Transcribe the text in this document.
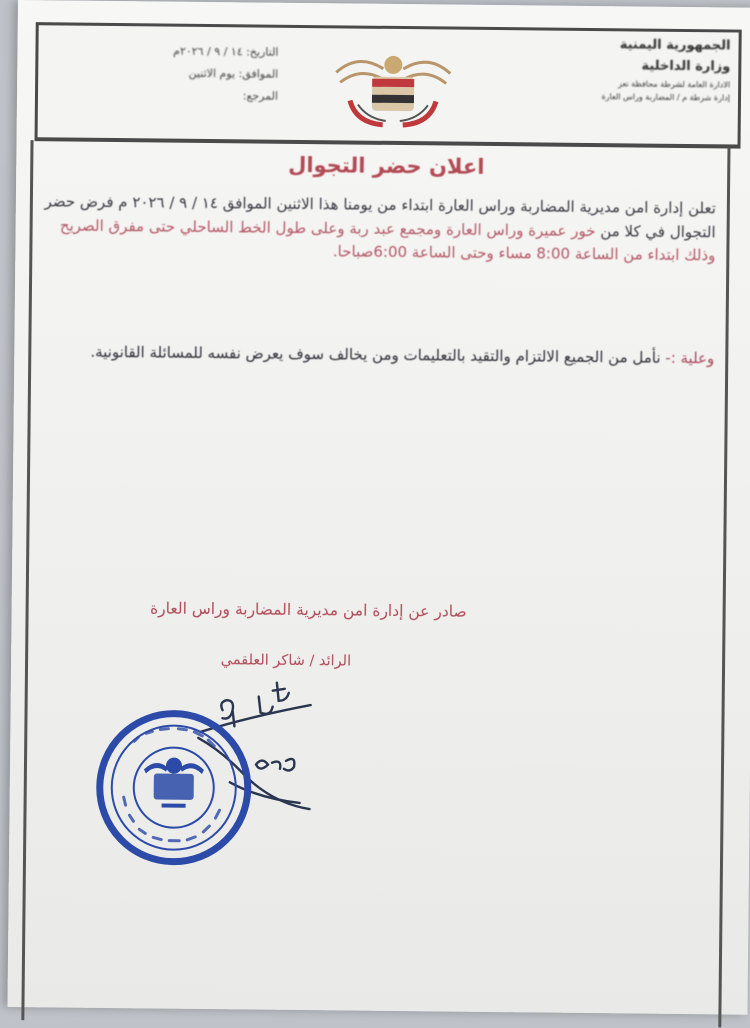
الجمهورية اليمنية
وزارة الداخلية
الادارة العامة لشرطة محافظة تعز
إدارة شرطة م / المضاربة وراس العارة
التاريخ: ١٤ / ٩ / ٢٠٢٦م
الموافق: يوم الاثنين
المرجع:
اعلان حضر التجوال
تعلن إدارة امن مديرية المضاربة وراس العارة ابتداء من يومنا هذا الاثنين الموافق ١٤ / ٩ / ٢٠٢٦ م فرض حضر التجوال في كلا من خور عميرة وراس العارة ومجمع عبد ربة وعلى طول الخط الساحلي حتى مفرق الصريح وذلك ابتداء من الساعة 8:00 مساء وحتى الساعة 6:00صباحا.
وعلية :- نأمل من الجميع الالتزام والتقيد بالتعليمات ومن يخالف سوف يعرض نفسه للمسائلة القانونية.
صادر عن إدارة امن مديرية المضاربة وراس العارة
الرائد / شاكر العلقمي
